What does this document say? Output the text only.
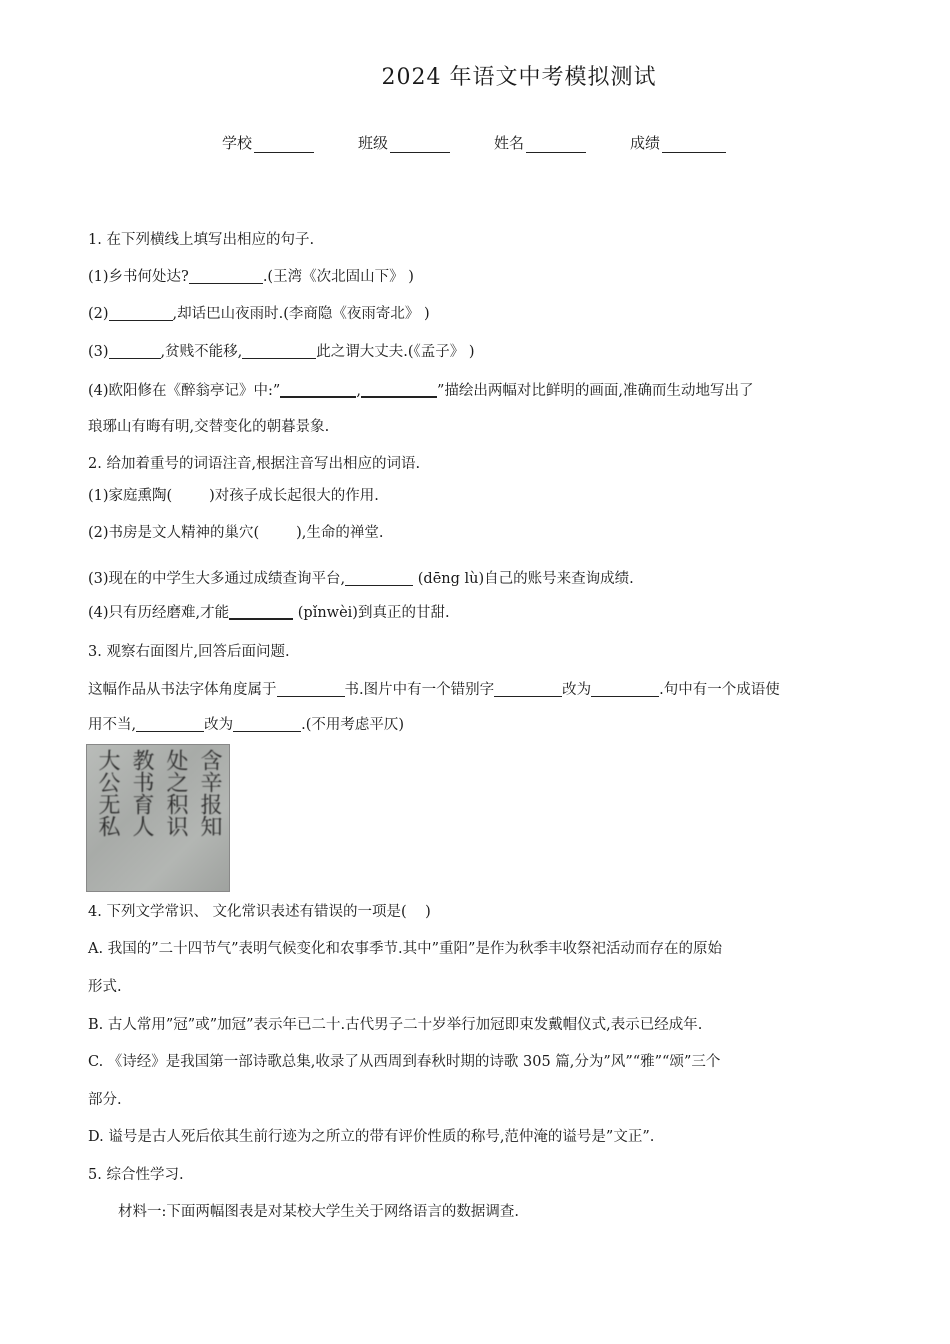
2024 年语文中考模拟测试
学校	班级	姓名	成绩
1. 在下列横线上填写出相应的句子.
(1)乡书何处达?	.(王湾《次北固山下》 )
(2)	,却话巴山夜雨时.(李商隐《夜雨寄北》 )
(3)	,贫贱不能移,	此之谓大丈夫.(《孟子》 )
(4)欧阳修在《醉翁亭记》中:”	,	”描绘出两幅对比鲜明的画面,准确而生动地写出了
琅琊山有晦有明,交替变化的朝暮景象.
2. 给加着重号的词语注音,根据注音写出相应的词语.
(1)家庭熏陶(        )对孩子成长起很大的作用.
(2)书房是文人精神的巢穴(        ),生命的禅堂.
(3)现在的中学生大多通过成绩查询平台,	(dēng lù)自己的账号来查询成绩.
(4)只有历经磨难,才能	(pǐnwèi)到真正的甘甜.
3. 观察右面图片,回答后面问题.
这幅作品从书法字体角度属于	书.图片中有一个错别字	改为	.句中有一个成语使
用不当,	改为	.(不用考虑平仄)
含辛报知
处之积识
教书育人
大公无私
4. 下列文学常识、 文化常识表述有错误的一项是(    )
A. 我国的”二十四节气”表明气候变化和农事季节.其中”重阳”是作为秋季丰收祭祀活动而存在的原始
形式.
B. 古人常用”冠”或”加冠”表示年已二十.古代男子二十岁举行加冠即束发戴帽仪式,表示已经成年.
C. 《诗经》是我国第一部诗歌总集,收录了从西周到春秋时期的诗歌 305 篇,分为”风”“雅”“颂”三个
部分.
D. 谥号是古人死后依其生前行迹为之所立的带有评价性质的称号,范仲淹的谥号是”文正”.
5. 综合性学习.
材料一:下面两幅图表是对某校大学生关于网络语言的数据调查.
